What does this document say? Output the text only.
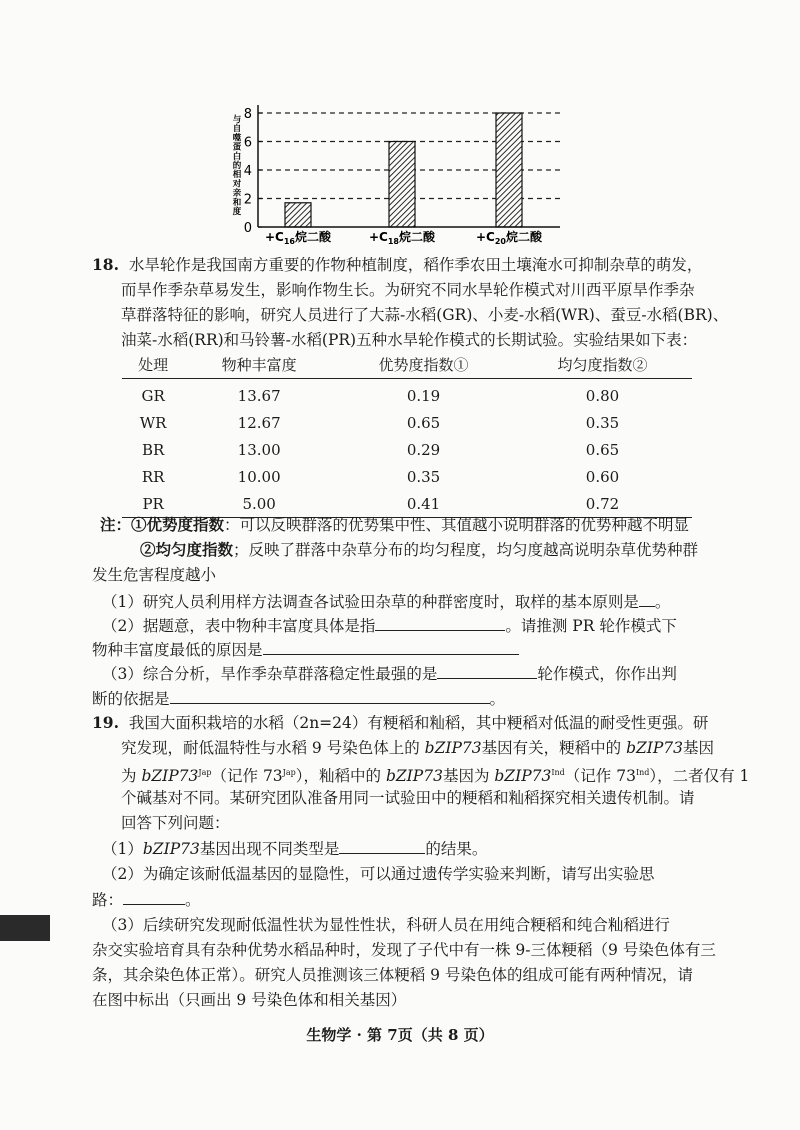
0
2
4
6
8
$+C_{16}$烷二酸	$+C_{18}$烷二酸	$+C_{20}$烷二酸
与自噬蛋白的相对亲和度
18. 水旱轮作是我国南方重要的作物种植制度，稻作季农田土壤淹水可抑制杂草的萌发，
而旱作季杂草易发生，影响作物生长。为研究不同水旱轮作模式对川西平原旱作季杂
草群落特征的影响，研究人员进行了大蒜-水稻(GR)、小麦-水稻(WR)、蚕豆-水稻(BR)、
油菜-水稻(RR)和马铃薯-水稻(PR)五种水旱轮作模式的长期试验。实验结果如下表：
处理	物种丰富度	优势度指数①	均匀度指数②
GR	13.67	0.19	0.80
WR	12.67	0.65	0.35
BR	13.00	0.29	0.65
RR	10.00	0.35	0.60
PR	5.00	0.41	0.72
注：①优势度指数：可以反映群落的优势集中性、其值越小说明群落的优势种越不明显
②均匀度指数；反映了群落中杂草分布的均匀程度，均匀度越高说明杂草优势种群
发生危害程度越小
（1）研究人员利用样方法调查各试验田杂草的种群密度时，取样的基本原则是 。
（2）据题意，表中物种丰富度具体是指	。请推测 PR 轮作模式下
物种丰富度最低的原因是
（3）综合分析，旱作季杂草群落稳定性最强的是	轮作模式，你作出判
断的依据是	。
19. 我国大面积栽培的水稻（2n=24）有粳稻和籼稻，其中粳稻对低温的耐受性更强。研
究发现，耐低温特性与水稻 9 号染色体上的 bZIP73基因有关，粳稻中的 bZIP73基因
为 $bZIP73^{Jap}$（记作 $73^{Jap}$），籼稻中的 bZIP73基因为 $bZIP73^{Ind}$（记作 $73^{Ind}$），二者仅有 1
个碱基对不同。某研究团队准备用同一试验田中的粳稻和籼稻探究相关遗传机制。请
回答下列问题：
（1）bZIP73基因出现不同类型是	的结果。
（2）为确定该耐低温基因的显隐性，可以通过遗传学实验来判断，请写出实验思
路：	。
（3）后续研究发现耐低温性状为显性性状，科研人员在用纯合粳稻和纯合籼稻进行
杂交实验培育具有杂种优势水稻品种时，发现了子代中有一株 9-三体粳稻（9 号染色体有三
条，其余染色体正常）。研究人员推测该三体粳稻 9 号染色体的组成可能有两种情况，请
在图中标出（只画出 9 号染色体和相关基因）
生物学 · 第 7页（共 8 页）
